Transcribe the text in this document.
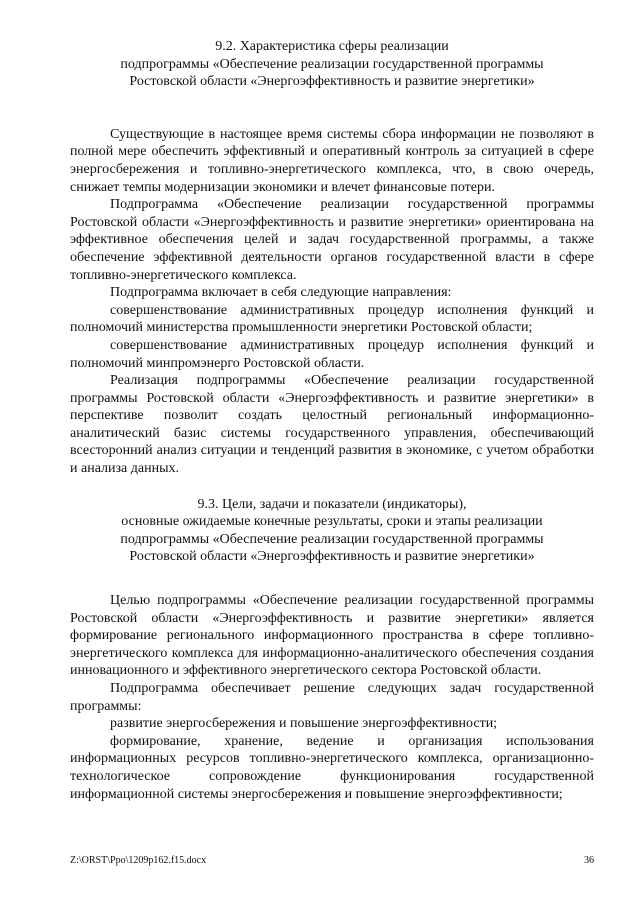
9.2. Характеристика сферы реализации
подпрограммы «Обеспечение реализации государственной программы
Ростовской области «Энергоэффективность и развитие энергетики»

Существующие в настоящее время системы сбора информации не позволяют в полной мере обеспечить эффективный и оперативный контроль за ситуацией в сфере энергосбережения и топливно-энергетического комплекса, что, в свою очередь, снижает темпы модернизации экономики и влечет финансовые потери.

Подпрограмма «Обеспечение реализации государственной программы Ростовской области «Энергоэффективность и развитие энергетики» ориентирована на эффективное обеспечения целей и задач государственной программы, а также обеспечение эффективной деятельности органов государственной власти в сфере топливно-энергетического комплекса.

Подпрограмма включает в себя следующие направления:

совершенствование административных процедур исполнения функций и полномочий министерства промышленности энергетики Ростовской области;

совершенствование административных процедур исполнения функций и полномочий минпромэнерго Ростовской области.

Реализация подпрограммы «Обеспечение реализации государственной программы Ростовской области «Энергоэффективность и развитие энергетики» в перспективе позволит создать целостный региональный информационно-аналитический базис системы государственного управления, обеспечивающий всесторонний анализ ситуации и тенденций развития в экономике, с учетом обработки и анализа данных.

9.3. Цели, задачи и показатели (индикаторы),
основные ожидаемые конечные результаты, сроки и этапы реализации
подпрограммы «Обеспечение реализации государственной программы
Ростовской области «Энергоэффективность и развитие энергетики»

Целью подпрограммы «Обеспечение реализации государственной программы Ростовской области «Энергоэффективность и развитие энергетики» является формирование регионального информационного пространства в сфере топливно-энергетического комплекса для информационно-аналитического обеспечения создания инновационного и эффективного энергетического сектора Ростовской области.

Подпрограмма обеспечивает решение следующих задач государственной программы:

развитие энергосбережения и повышение энергоэффективности;

формирование, хранение, ведение и организация использования информационных ресурсов топливно-энергетического комплекса, организационно-технологическое сопровождение функционирования государственной информационной системы энергосбережения и повышение энергоэффективности;

Z:\ORST\Ppo\1209p162.f15.docx	36
